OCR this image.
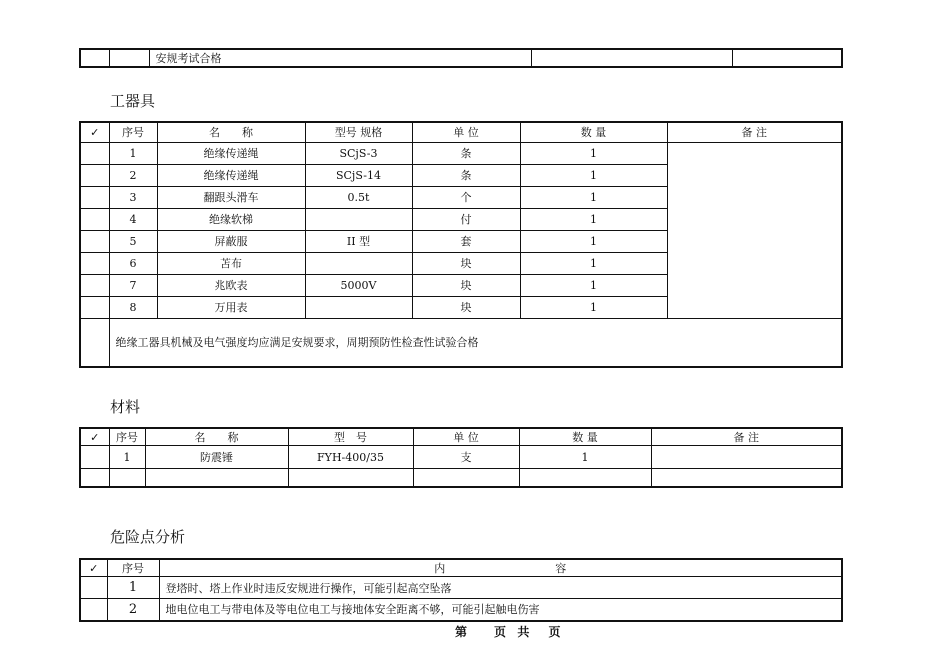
		安规考试合格		
工器具
✓	序号	名　　称	型号 规格	单 位	数 量	备 注
	1	绝缘传递绳	SCjS-3	条	1	
	2	绝缘传递绳	SCjS-14	条	1	
	3	翻跟头滑车	0.5t	个	1	
	4	绝缘软梯		付	1	
	5	屏蔽服	II 型	套	1	
	6	苫布		块	1	
	7	兆欧表	5000V	块	1	
	8	万用表		块	1	
	绝缘工器具机械及电气强度均应满足安规要求，周期预防性检查性试验合格					
材料
✓	序号	名　　称	型　号	单 位	数 量	备 注
	1	防震锤	FYH-400/35	支	1	

危险点分析
✓	序号	内　　　　　　　　　　容
	1	登塔时、塔上作业时违反安规进行操作，可能引起高空坠落
	2	地电位电工与带电体及等电位电工与接地体安全距离不够，可能引起触电伤害
第　 页 共　页
